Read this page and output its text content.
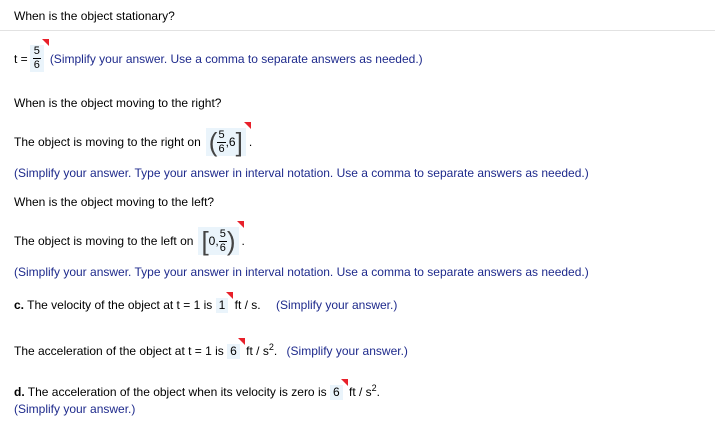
When is the object stationary?
$t = \frac{5}{6}$ (Simplify your answer. Use a comma to separate answers as needed.)
When is the object moving to the right?
The object is moving to the right on ( $\frac{5}{6}$ , 6 ] .
(Simplify your answer. Type your answer in interval notation. Use a comma to separate answers as needed.)
When is the object moving to the left?
The object is moving to the left on [ 0 , $\frac{5}{6}$ ) .
(Simplify your answer. Type your answer in interval notation. Use a comma to separate answers as needed.)
c. The velocity of the object at t = 1 is 1 ft / s. (Simplify your answer.)
The acceleration of the object at t = 1 is 6 ft / $s^2$. (Simplify your answer.)
d. The acceleration of the object when its velocity is zero is 6 ft / $s^2$.
(Simplify your answer.)
